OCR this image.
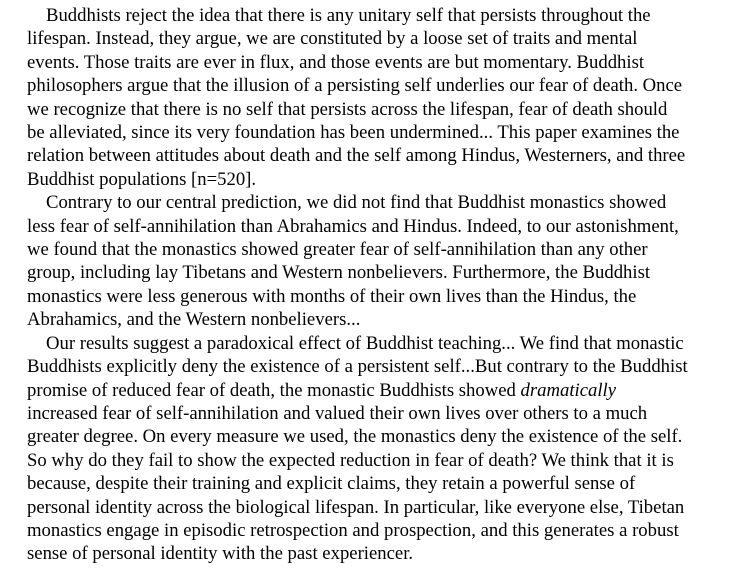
Buddhists reject the idea that there is any unitary self that persists throughout the
lifespan. Instead, they argue, we are constituted by a loose set of traits and mental
events. Those traits are ever in flux, and those events are but momentary. Buddhist
philosophers argue that the illusion of a persisting self underlies our fear of death. Once
we recognize that there is no self that persists across the lifespan, fear of death should
be alleviated, since its very foundation has been undermined... This paper examines the
relation between attitudes about death and the self among Hindus, Westerners, and three
Buddhist populations [n=520].
Contrary to our central prediction, we did not find that Buddhist monastics showed
less fear of self-annihilation than Abrahamics and Hindus. Indeed, to our astonishment,
we found that the monastics showed greater fear of self-annihilation than any other
group, including lay Tibetans and Western nonbelievers. Furthermore, the Buddhist
monastics were less generous with months of their own lives than the Hindus, the
Abrahamics, and the Western nonbelievers...
Our results suggest a paradoxical effect of Buddhist teaching... We find that monastic
Buddhists explicitly deny the existence of a persistent self...But contrary to the Buddhist
promise of reduced fear of death, the monastic Buddhists showed dramatically
increased fear of self-annihilation and valued their own lives over others to a much
greater degree. On every measure we used, the monastics deny the existence of the self.
So why do they fail to show the expected reduction in fear of death? We think that it is
because, despite their training and explicit claims, they retain a powerful sense of
personal identity across the biological lifespan. In particular, like everyone else, Tibetan
monastics engage in episodic retrospection and prospection, and this generates a robust
sense of personal identity with the past experiencer.
